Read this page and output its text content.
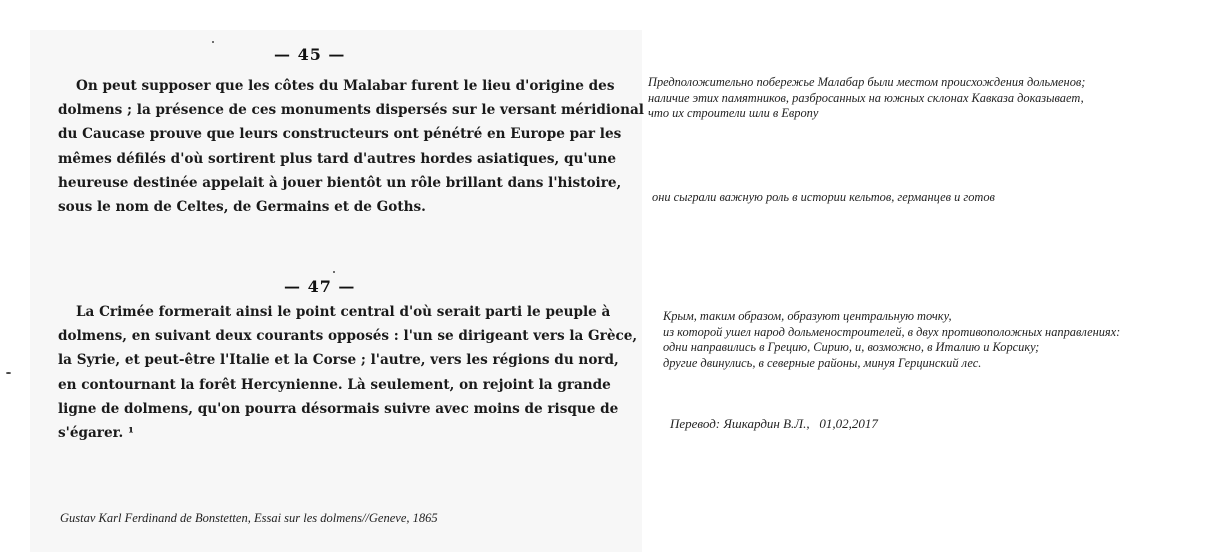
— 45 —
On peut supposer que les côtes du Malabar furent le lieu d'origine des
dolmens ; la présence de ces monuments dispersés sur le versant méridional
du Caucase prouve que leurs constructeurs ont pénétré en Europe par les
mêmes défilés d'où sortirent plus tard d'autres hordes asiatiques, qu'une
heureuse destinée appelait à jouer bientôt un rôle brillant dans l'histoire,
sous le nom de Celtes, de Germains et de Goths.
— 47 —
La Crimée formerait ainsi le point central d'où serait parti le peuple à
dolmens, en suivant deux courants opposés : l'un se dirigeant vers la Grèce,
la Syrie, et peut-être l'Italie et la Corse ; l'autre, vers les régions du nord,
en contournant la forêt Hercynienne. Là seulement, on rejoint la grande
ligne de dolmens, qu'on pourra désormais suivre avec moins de risque de
s'égarer. ¹
Gustav Karl Ferdinand de Bonstetten, Essai sur les dolmens//Geneve, 1865
Предположительно побережье Малабар были местом происхождения дольменов;
наличие этих памятников, разбросанных на южных склонах Кавказа доказывает,
что их строители шли в Европу
они сыграли важную роль в истории кельтов, германцев и готов
Крым, таким образом, образуют центральную точку,
из которой ушел народ дольменостроителей, в двух противоположных направлениях:
одни направились в Грецию, Сирию, и, возможно, в Италию и Корсику;
другие двинулись, в северные районы, минуя Герцинский лес.
Перевод: Яшкардин В.Л.,   01,02,2017
